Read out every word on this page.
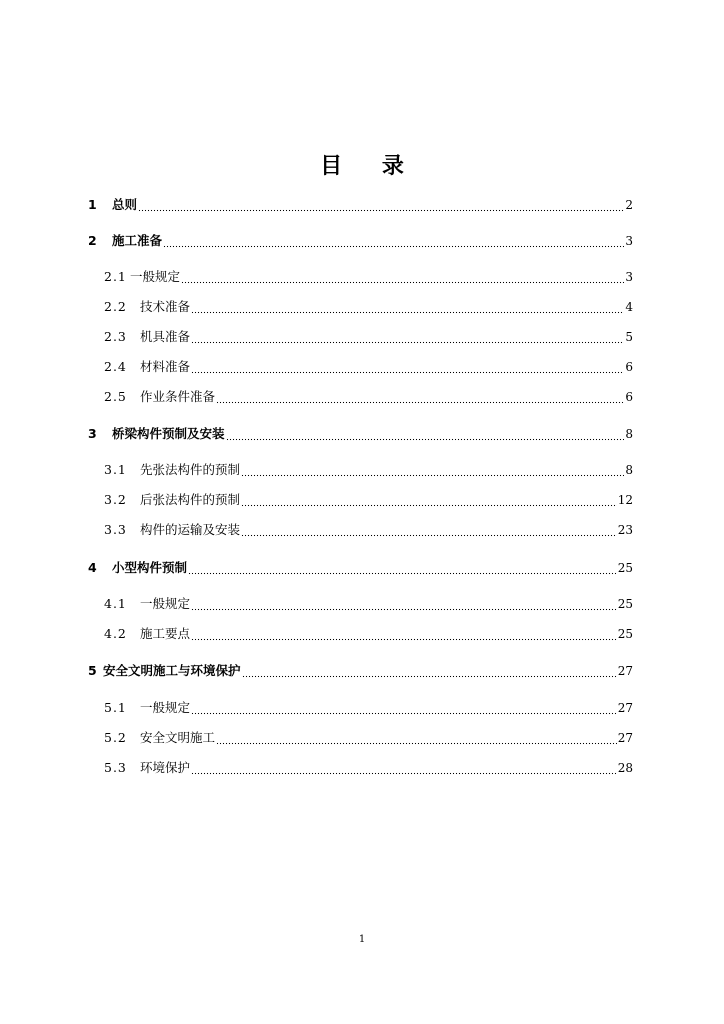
目 录
1	总则	2
2	施工准备	3
2.1 一般规定	3
2.2	技术准备	4
2.3	机具准备	5
2.4	材料准备	6
2.5	作业条件准备	6
3	桥梁构件预制及安装	8
3.1	先张法构件的预制	8
3.2	后张法构件的预制	12
3.3	构件的运输及安装	23
4	小型构件预制	25
4.1	一般规定	25
4.2	施工要点	25
5 安全文明施工与环境保护	27
5.1	一般规定	27
5.2	安全文明施工	27
5.3	环境保护	28
1
